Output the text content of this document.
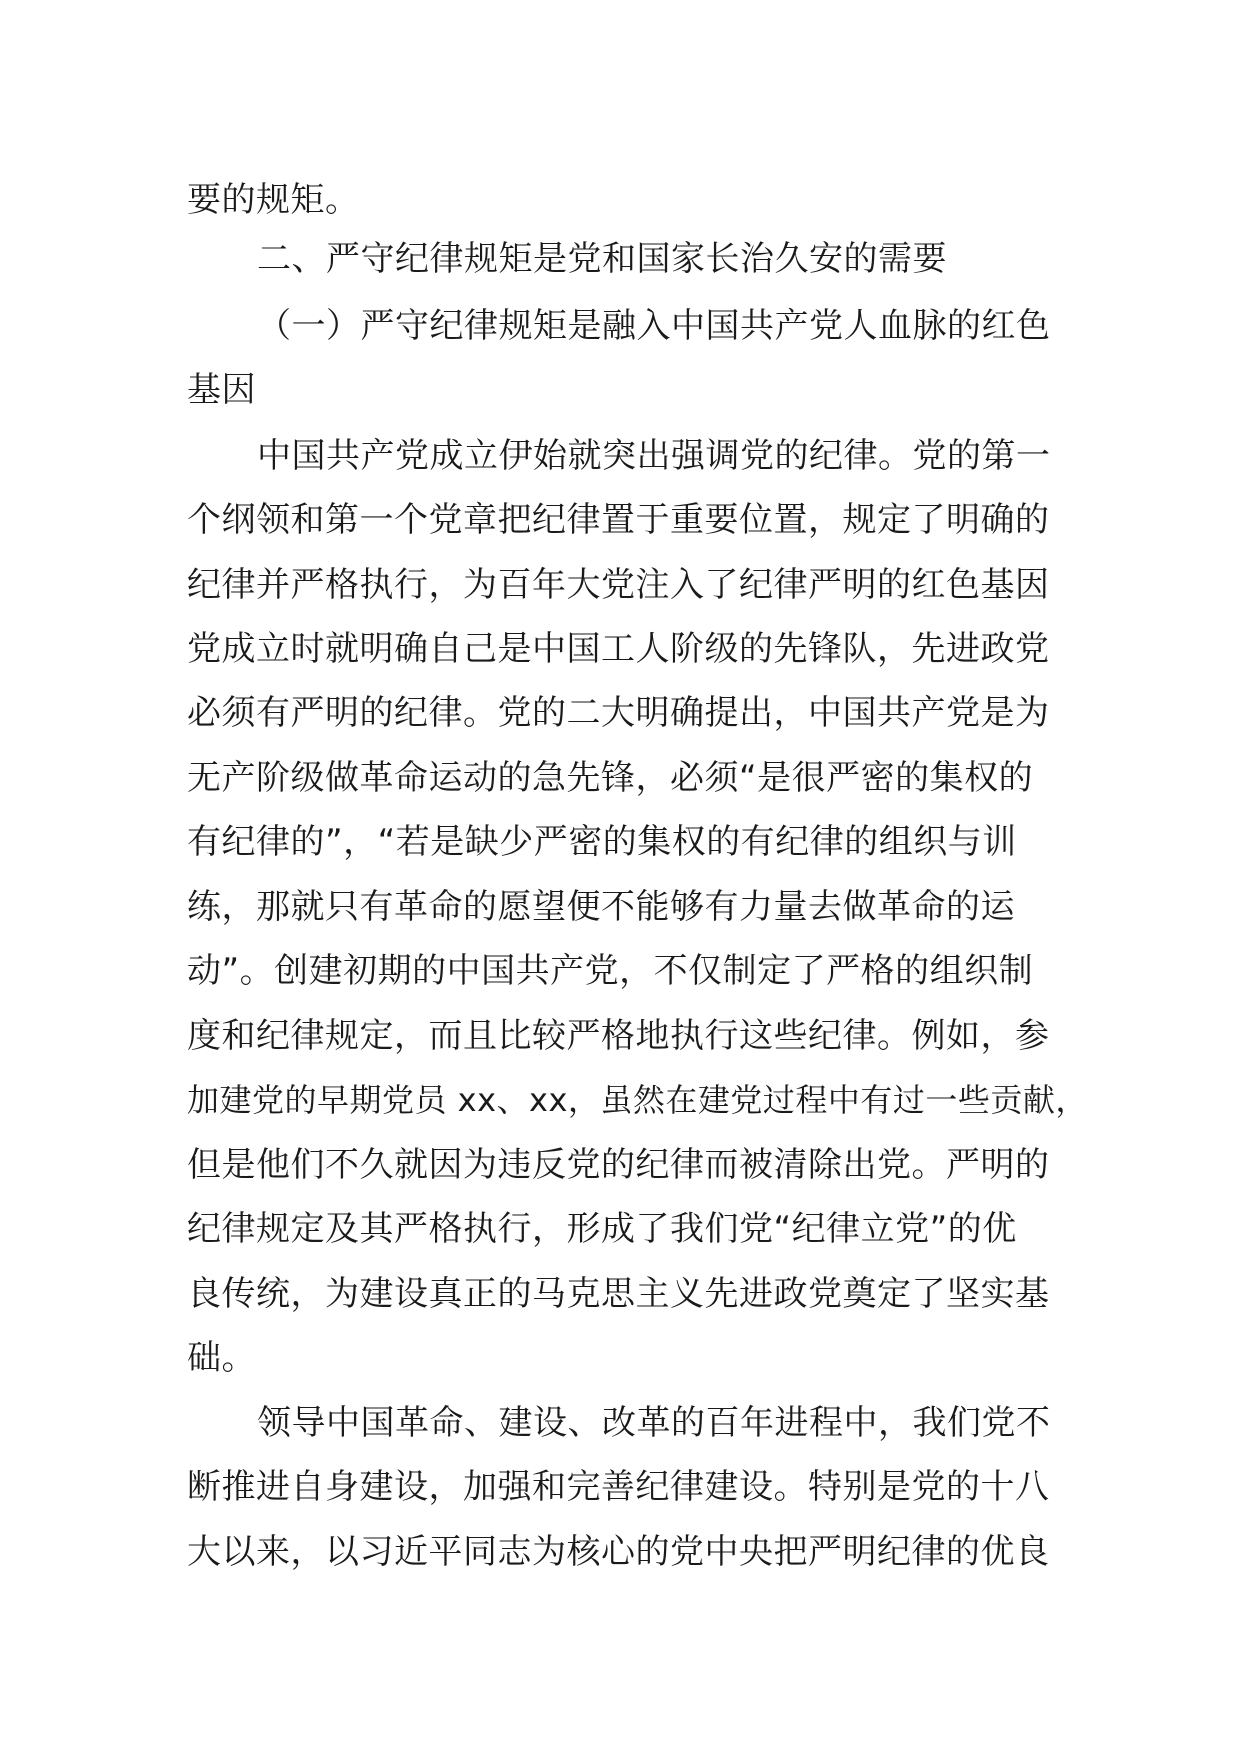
要的规矩。

二、严守纪律规矩是党和国家长治久安的需要

（一）严守纪律规矩是融入中国共产党人血脉的红色

基因

中国共产党成立伊始就突出强调党的纪律。党的第一

个纲领和第一个党章把纪律置于重要位置，规定了明确的

纪律并严格执行，为百年大党注入了纪律严明的红色基因

党成立时就明确自己是中国工人阶级的先锋队，先进政党

必须有严明的纪律。党的二大明确提出，中国共产党是为

无产阶级做革命运动的急先锋，必须“是很严密的集权的

有纪律的”，“若是缺少严密的集权的有纪律的组织与训

练，那就只有革命的愿望便不能够有力量去做革命的运

动”。创建初期的中国共产党，不仅制定了严格的组织制

度和纪律规定，而且比较严格地执行这些纪律。例如，参

加建党的早期党员 xx、xx，虽然在建党过程中有过一些贡献，

但是他们不久就因为违反党的纪律而被清除出党。严明的

纪律规定及其严格执行，形成了我们党“纪律立党”的优

良传统，为建设真正的马克思主义先进政党奠定了坚实基

础。

领导中国革命、建设、改革的百年进程中，我们党不

断推进自身建设，加强和完善纪律建设。特别是党的十八

大以来，以习近平同志为核心的党中央把严明纪律的优良
